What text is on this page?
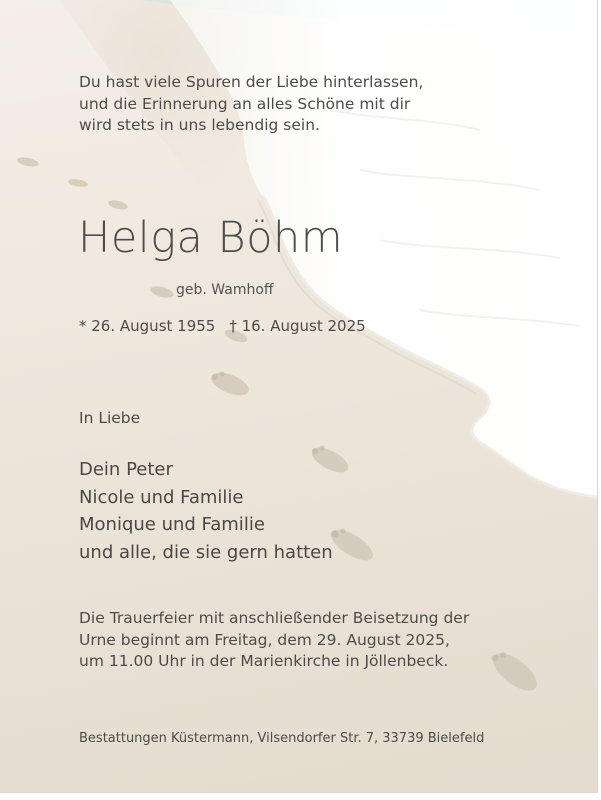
Du hast viele Spuren der Liebe hinterlassen,
und die Erinnerung an alles Schöne mit dir
wird stets in uns lebendig sein.
Helga Böhm
geb. Wamhoff
* 26. August 1955 † 16. August 2025
In Liebe
Dein Peter
Nicole und Familie
Monique und Familie
und alle, die sie gern hatten
Die Trauerfeier mit anschließender Beisetzung der
Urne beginnt am Freitag, dem 29. August 2025,
um 11.00 Uhr in der Marienkirche in Jöllenbeck.
Bestattungen Küstermann, Vilsendorfer Str. 7, 33739 Bielefeld
